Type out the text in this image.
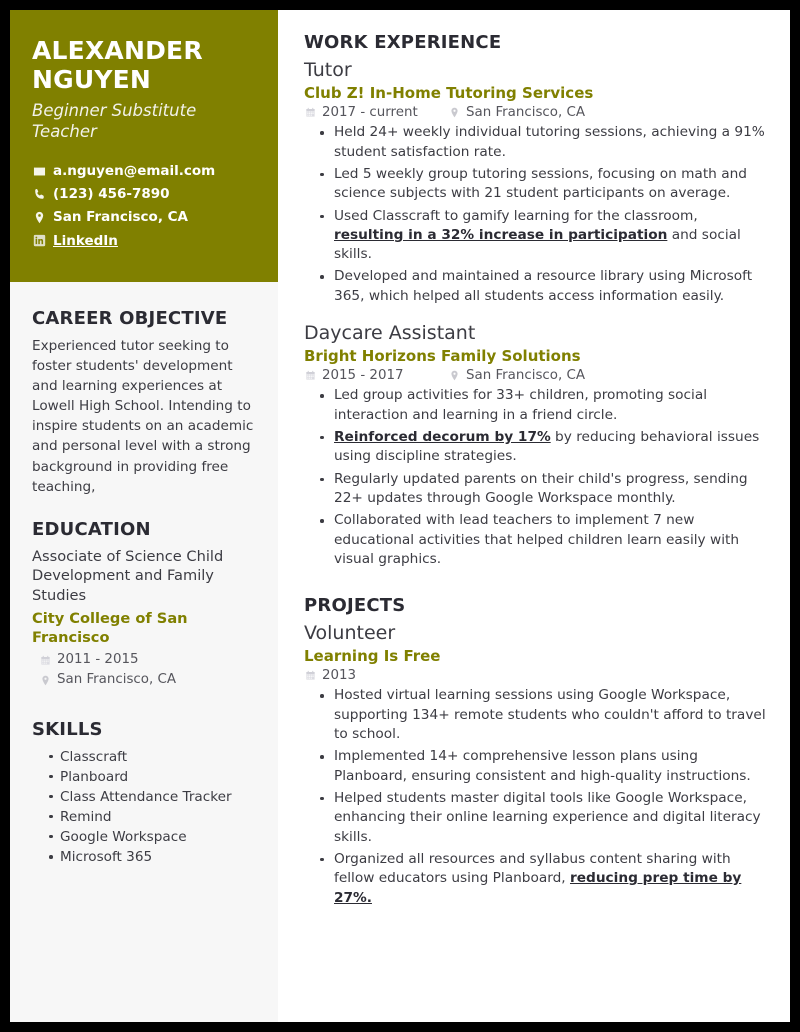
ALEXANDER NGUYEN
Beginner Substitute Teacher
a.nguyen@email.com
(123) 456-7890
San Francisco, CA
LinkedIn
CAREER OBJECTIVE

Experienced tutor seeking to foster students' development and learning experiences at Lowell High School. Intending to inspire students on an academic and personal level with a strong background in providing free teaching,

EDUCATION
Associate of Science Child Development and Family Studies
City College of San Francisco
2011 - 2015
San Francisco, CA
SKILLS
Classcraft
Planboard
Class Attendance Tracker
Remind
Google Workspace
Microsoft 365
WORK EXPERIENCE
Tutor
Club Z! In-Home Tutoring Services
2017 - current	San Francisco, CA
Held 24+ weekly individual tutoring sessions, achieving a 91% student satisfaction rate.
Led 5 weekly group tutoring sessions, focusing on math and science subjects with 21 student participants on average.
Used Classcraft to gamify learning for the classroom, resulting in a 32% increase in participation and social skills.
Developed and maintained a resource library using Microsoft 365, which helped all students access information easily.
Daycare Assistant
Bright Horizons Family Solutions
2015 - 2017	San Francisco, CA
Led group activities for 33+ children, promoting social interaction and learning in a friend circle.
Reinforced decorum by 17% by reducing behavioral issues using discipline strategies.
Regularly updated parents on their child's progress, sending 22+ updates through Google Workspace monthly.
Collaborated with lead teachers to implement 7 new educational activities that helped children learn easily with visual graphics.
PROJECTS
Volunteer
Learning Is Free
2013
Hosted virtual learning sessions using Google Workspace, supporting 134+ remote students who couldn't afford to travel to school.
Implemented 14+ comprehensive lesson plans using Planboard, ensuring consistent and high-quality instructions.
Helped students master digital tools like Google Workspace, enhancing their online learning experience and digital literacy skills.
Organized all resources and syllabus content sharing with fellow educators using Planboard, reducing prep time by 27%.
